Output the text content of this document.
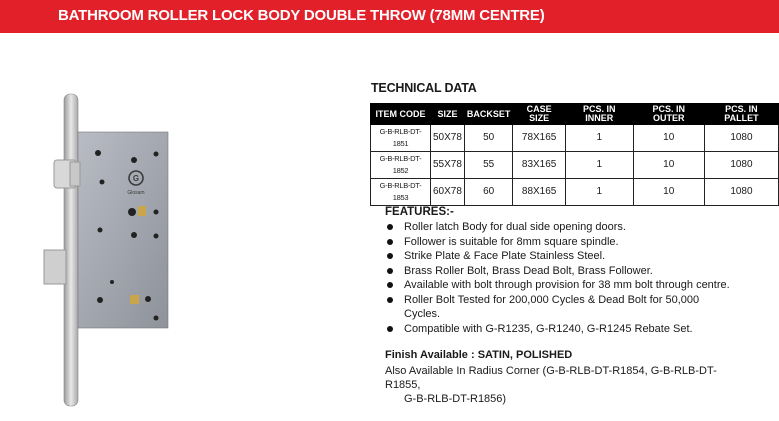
BATHROOM ROLLER LOCK BODY DOUBLE THROW (78MM CENTRE)
G
Glosam
TECHNICAL DATA
ITEM CODE	SIZE	BACKSET	CASE SIZE	PCS. IN INNER	PCS. IN OUTER	PCS. IN PALLET
G-B-RLB-DT-1851	50X78	50	78X165	1	10	1080
G-B-RLB-DT-1852	55X78	55	83X165	1	10	1080
G-B-RLB-DT-1853	60X78	60	88X165	1	10	1080
FEATURES:-
Roller latch Body for dual side opening doors.
Follower is suitable for 8mm square spindle.
Strike Plate & Face Plate Stainless Steel.
Brass Roller Bolt, Brass Dead Bolt, Brass Follower.
Available with bolt through provision for 38 mm bolt through centre.
Roller Bolt Tested for 200,000 Cycles & Dead Bolt for 50,000 Cycles.
Compatible with G-R1235, G-R1240, G-R1245 Rebate Set.
Finish Available : SATIN, POLISHED
Also Available In Radius Corner (G-B-RLB-DT-R1854, G-B-RLB-DT-R1855,
G-B-RLB-DT-R1856)
